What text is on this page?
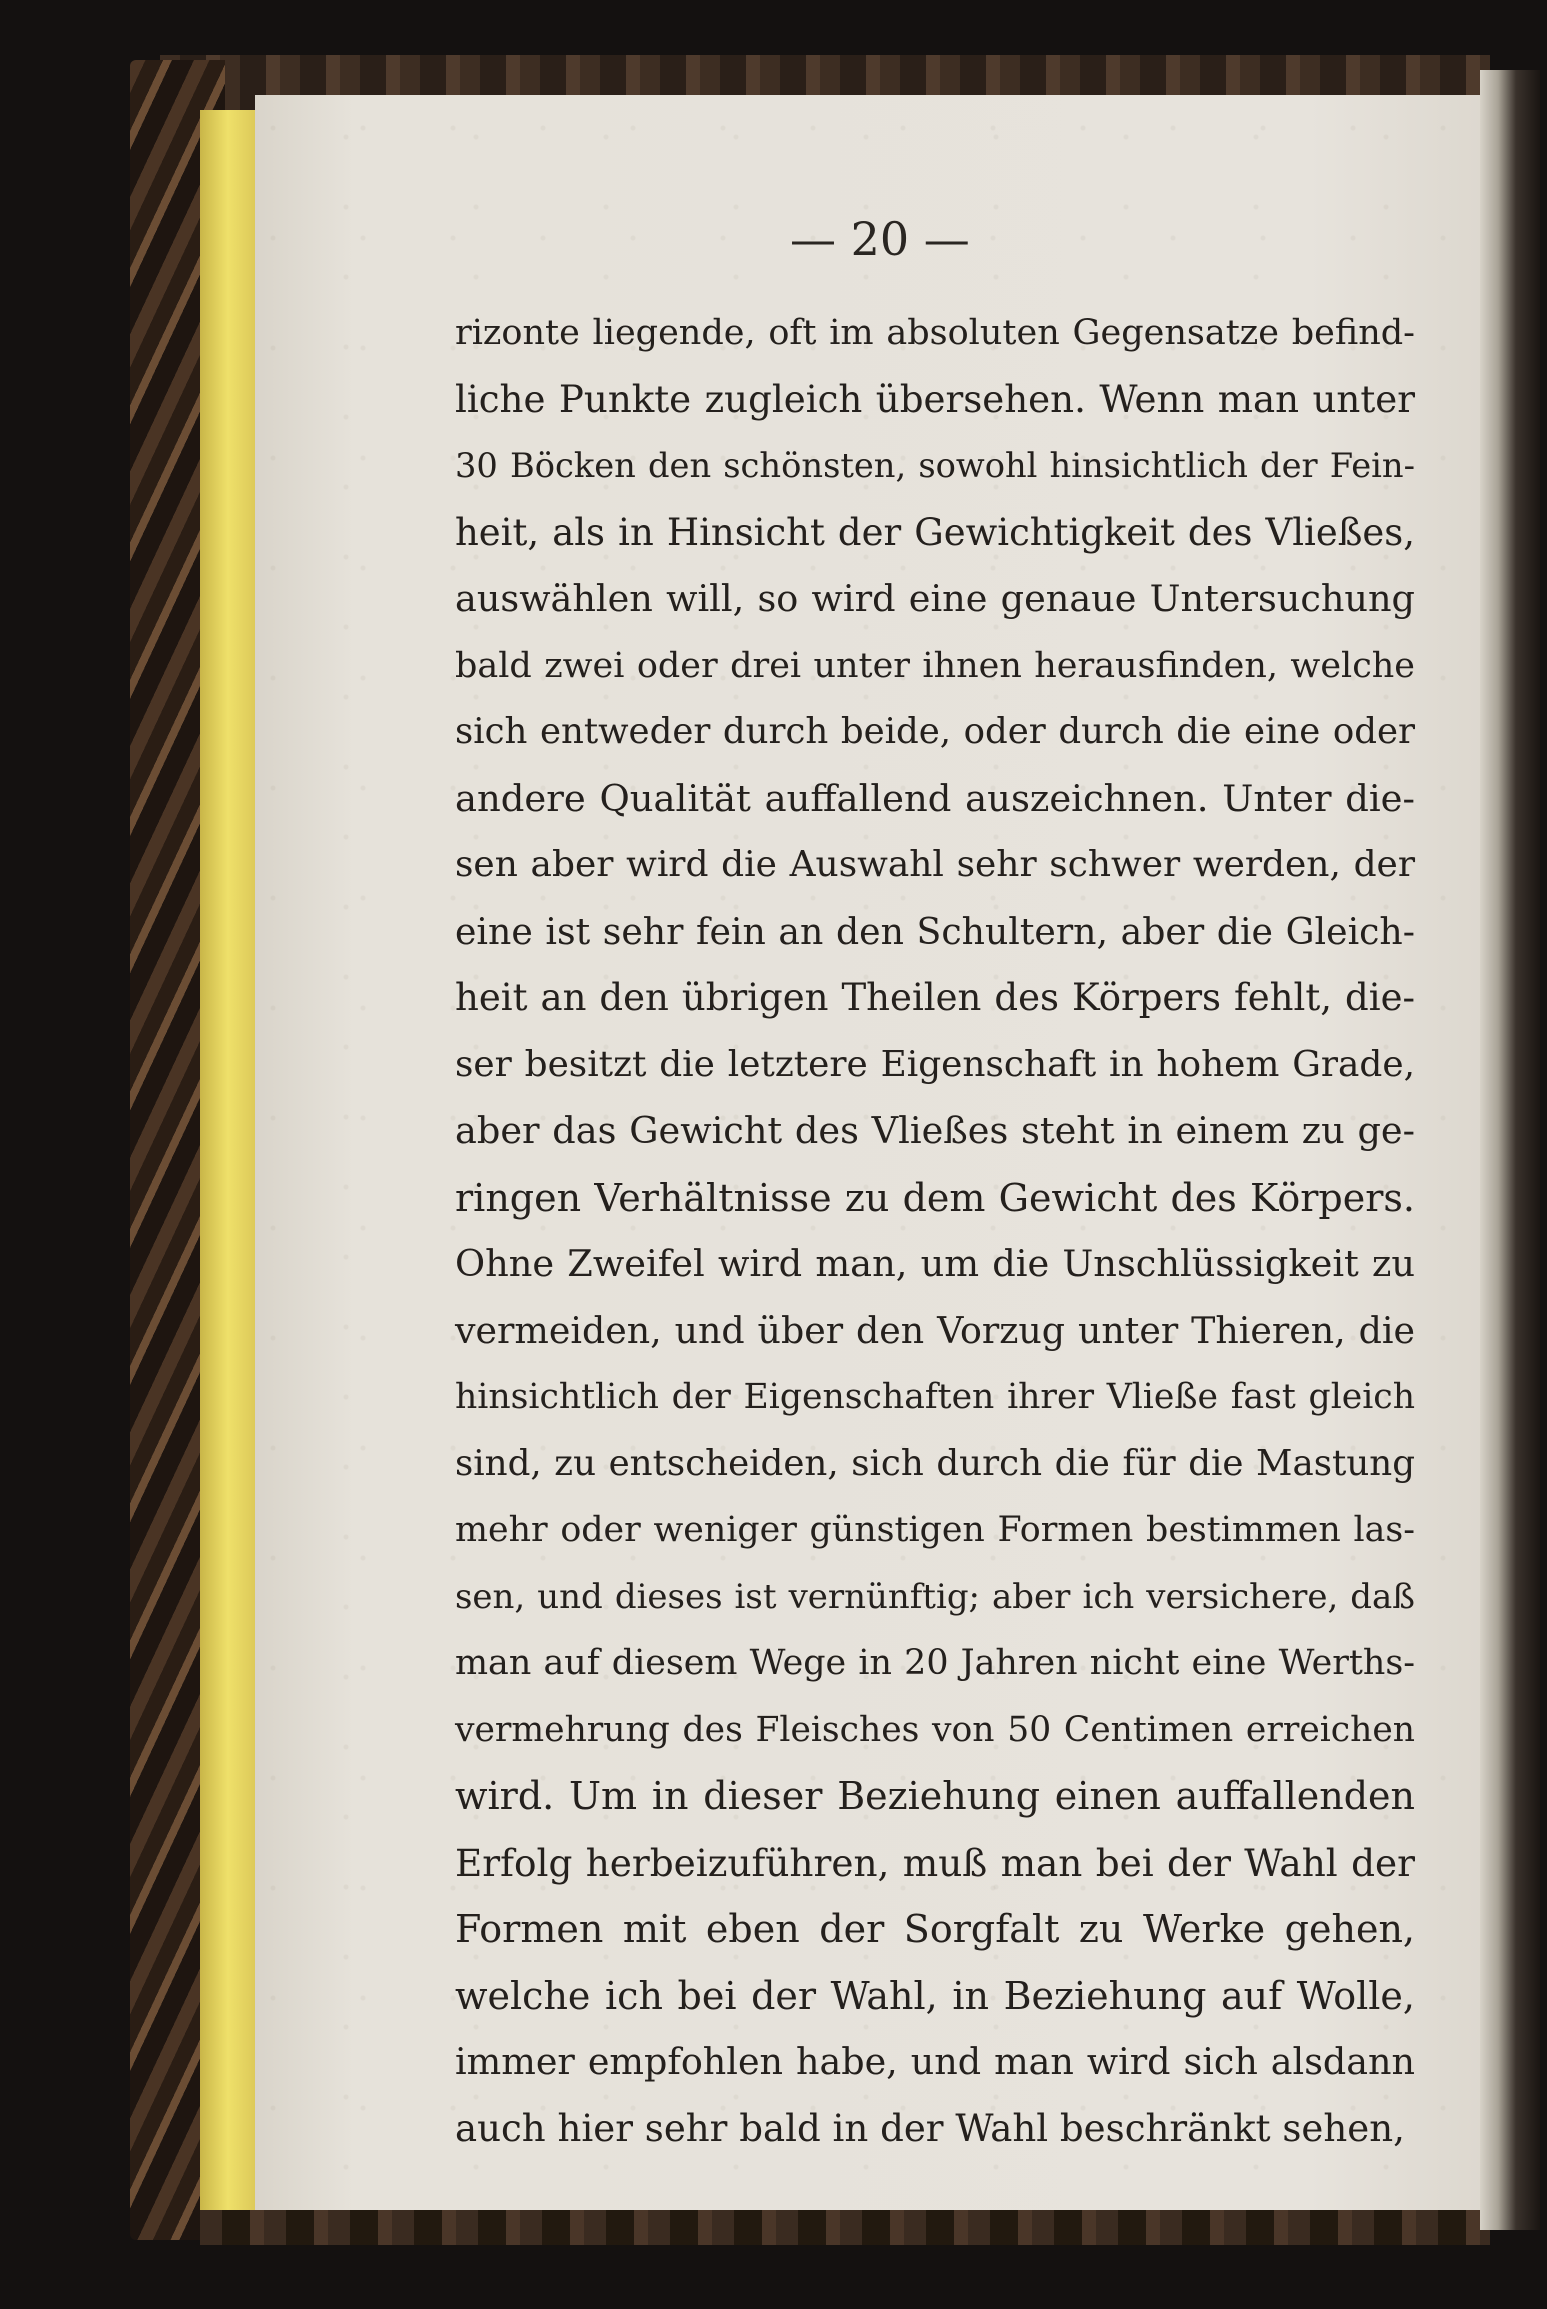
— 20 —
rizonte liegende, oft im absoluten Gegensatze befind-
liche Punkte zugleich übersehen. Wenn man unter
30 Böcken den schönsten, sowohl hinsichtlich der Fein-
heit, als in Hinsicht der Gewichtigkeit des Vließes,
auswählen will, so wird eine genaue Untersuchung
bald zwei oder drei unter ihnen herausfinden, welche
sich entweder durch beide, oder durch die eine oder
andere Qualität auffallend auszeichnen. Unter die-
sen aber wird die Auswahl sehr schwer werden, der
eine ist sehr fein an den Schultern, aber die Gleich-
heit an den übrigen Theilen des Körpers fehlt, die-
ser besitzt die letztere Eigenschaft in hohem Grade,
aber das Gewicht des Vließes steht in einem zu ge-
ringen Verhältnisse zu dem Gewicht des Körpers.
Ohne Zweifel wird man, um die Unschlüssigkeit zu
vermeiden, und über den Vorzug unter Thieren, die
hinsichtlich der Eigenschaften ihrer Vließe fast gleich
sind, zu entscheiden, sich durch die für die Mastung
mehr oder weniger günstigen Formen bestimmen las-
sen, und dieses ist vernünftig; aber ich versichere, daß
man auf diesem Wege in 20 Jahren nicht eine Werths-
vermehrung des Fleisches von 50 Centimen erreichen
wird. Um in dieser Beziehung einen auffallenden
Erfolg herbeizuführen, muß man bei der Wahl der
Formen mit eben der Sorgfalt zu Werke gehen,
welche ich bei der Wahl, in Beziehung auf Wolle,
immer empfohlen habe, und man wird sich alsdann
auch hier sehr bald in der Wahl beschränkt sehen,
